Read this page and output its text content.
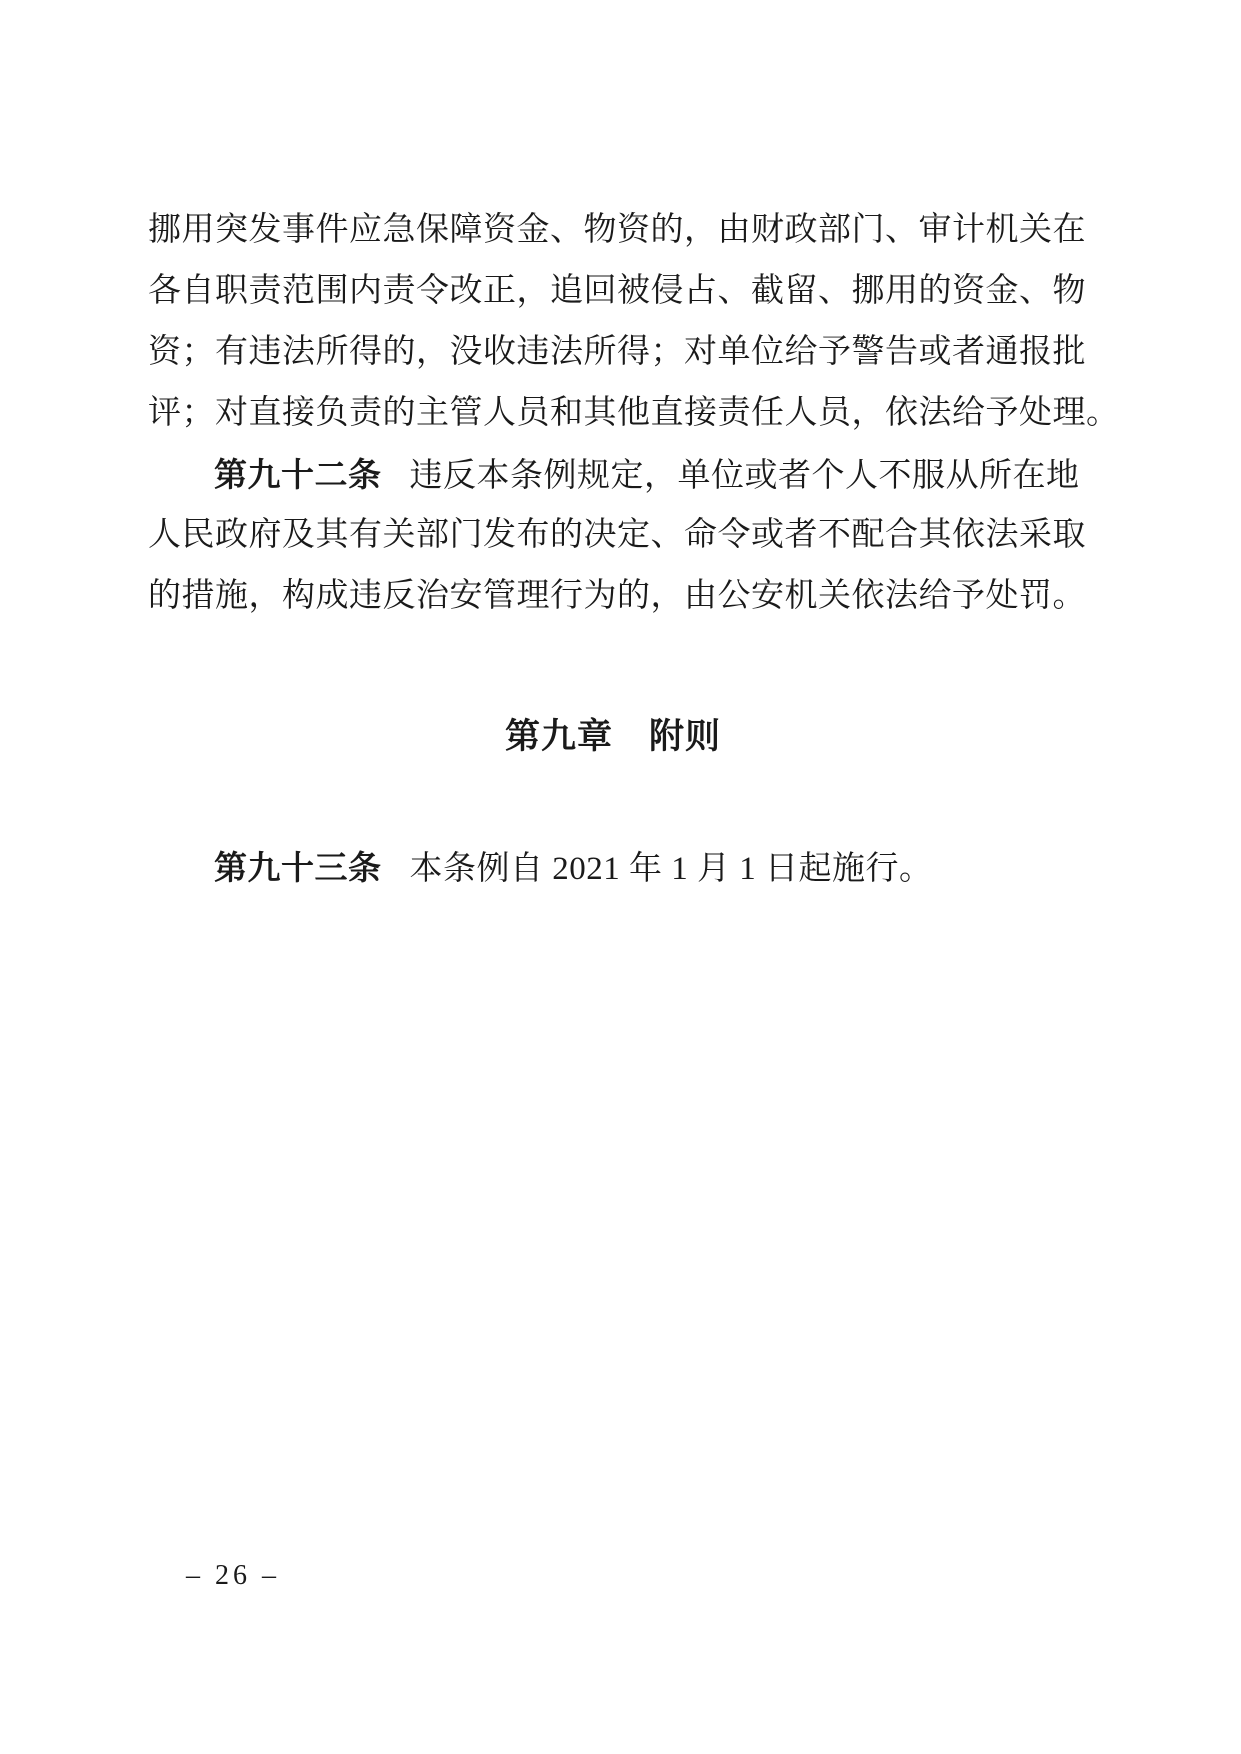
挪用突发事件应急保障资金、物资的，由财政部门、审计机关在
各自职责范围内责令改正，追回被侵占、截留、挪用的资金、物
资；有违法所得的，没收违法所得；对单位给予警告或者通报批
评；对直接负责的主管人员和其他直接责任人员，依法给予处理。
第九十二条 违反本条例规定，单位或者个人不服从所在地
人民政府及其有关部门发布的决定、命令或者不配合其依法采取
的措施，构成违反治安管理行为的，由公安机关依法给予处罚。
第九章　附则
第九十三条 本条例自 2021 年 1 月 1 日起施行。
– 26 –
